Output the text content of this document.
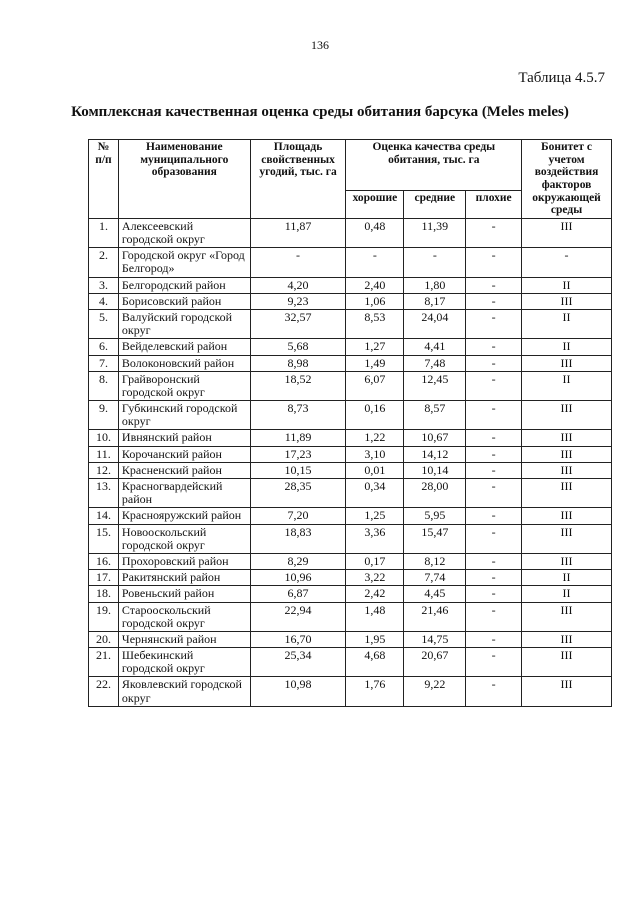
136
Таблица 4.5.7
Комплексная качественная оценка среды обитания барсука (Meles meles)
№ п/п	Наименование муниципального образования	Площадь свойственных угодий, тыс. га	Оценка качества среды обитания, тыс. га			Бонитет с учетом воздействия факторов окружающей среды
			хорошие	средние	плохие	
1.	Алексеевский городской округ	11,87	0,48	11,39	-	III
2.	Городской округ «Город Белгород»	-	-	-	-	-
3.	Белгородский район	4,20	2,40	1,80	-	II
4.	Борисовский район	9,23	1,06	8,17	-	III
5.	Валуйский городской округ	32,57	8,53	24,04	-	II
6.	Вейделевский район	5,68	1,27	4,41	-	II
7.	Волоконовский район	8,98	1,49	7,48	-	III
8.	Грайворонский городской округ	18,52	6,07	12,45	-	II
9.	Губкинский городской округ	8,73	0,16	8,57	-	III
10.	Ивнянский район	11,89	1,22	10,67	-	III
11.	Корочанский район	17,23	3,10	14,12	-	III
12.	Красненский район	10,15	0,01	10,14	-	III
13.	Красногвардейский район	28,35	0,34	28,00	-	III
14.	Краснояружский район	7,20	1,25	5,95	-	III
15.	Новооскольский городской округ	18,83	3,36	15,47	-	III
16.	Прохоровский район	8,29	0,17	8,12	-	III
17.	Ракитянский район	10,96	3,22	7,74	-	II
18.	Ровеньский район	6,87	2,42	4,45	-	II
19.	Старооскольский городской округ	22,94	1,48	21,46	-	III
20.	Чернянский район	16,70	1,95	14,75	-	III
21.	Шебекинский городской округ	25,34	4,68	20,67	-	III
22.	Яковлевский городской округ	10,98	1,76	9,22	-	III
